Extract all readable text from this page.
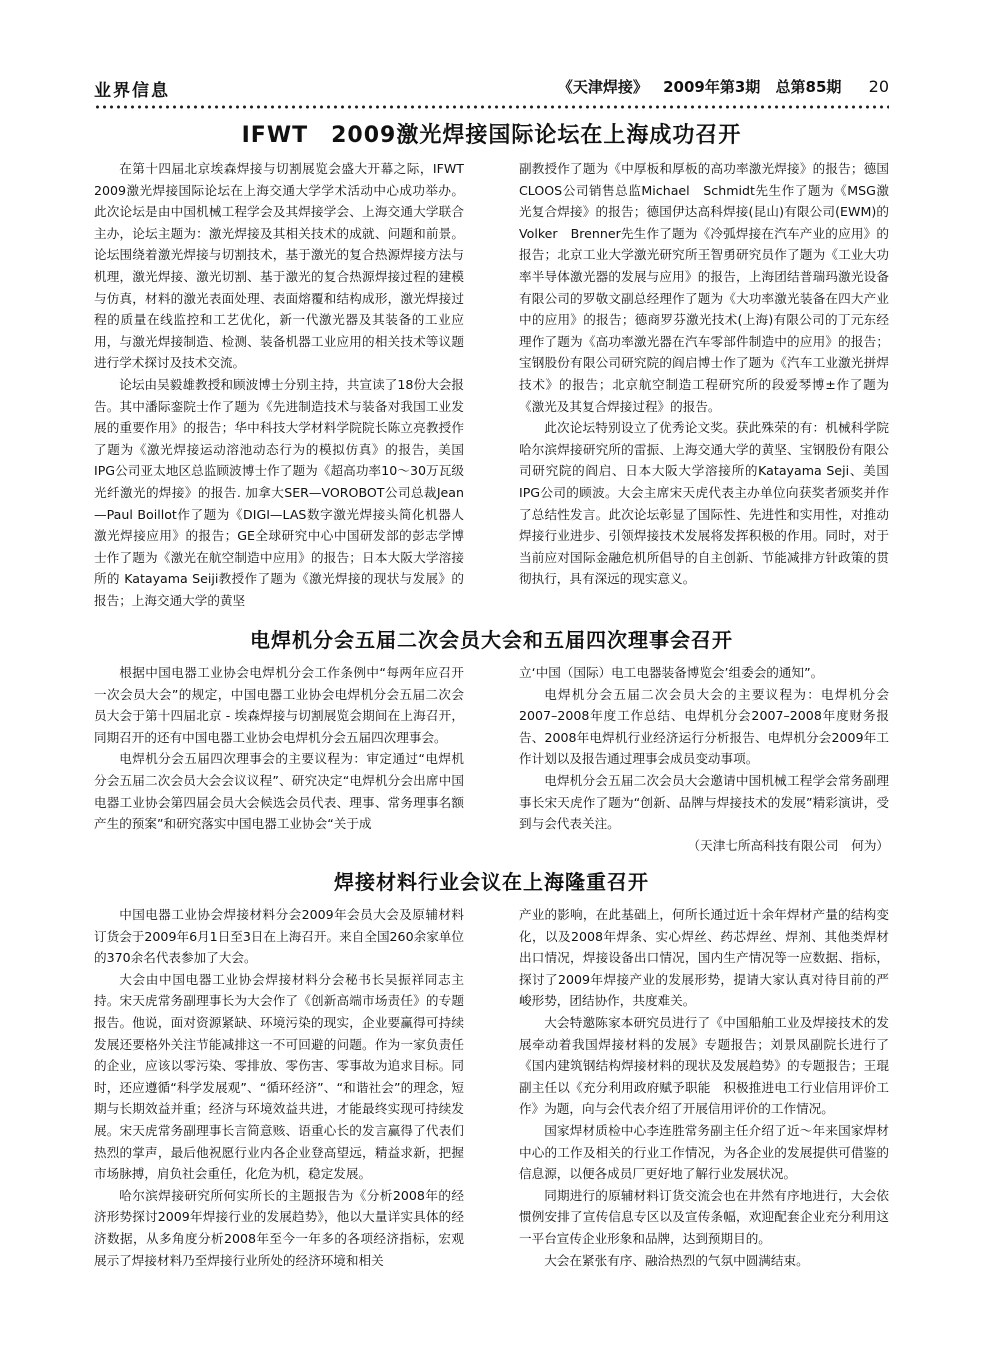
业界信息	《天津焊接》 2009年第3期 总第85期 20
IFWT　2009激光焊接国际论坛在上海成功召开

在第十四届北京埃森焊接与切割展览会盛大开幕之际，IFWT 2009激光焊接国际论坛在上海交通大学学术活动中心成功举办。此次论坛是由中国机械工程学会及其焊接学会、上海交通大学联合主办，论坛主题为：激光焊接及其相关技术的成就、问题和前景。论坛围绕着激光焊接与切割技术，基于激光的复合热源焊接方法与机理，激光焊接、激光切割、基于激光的复合热源焊接过程的建模与仿真，材料的激光表面处理、表面熔覆和结构成形，激光焊接过程的质量在线监控和工艺优化，新一代激光器及其装备的工业应用，与激光焊接制造、检测、装备机器工业应用的相关技术等议题进行学术探讨及技术交流。

论坛由吴毅雄教授和顾波博士分别主持，共宣读了18份大会报告。其中潘际銮院士作了题为《先进制造技术与装备对我国工业发展的重要作用》的报告；华中科技大学材料学院院长陈立亮教授作了题为《激光焊接运动溶池动态行为的模拟仿真》的报告，美国IPG公司亚太地区总监顾波博士作了题为《超高功率10～30万瓦级光纤激光的焊接》的报告. 加拿大SER—VOROBOT公司总裁Jean—Paul Boillot作了题为《DIGI—LAS数字激光焊接头简化机器人激光焊接应用》的报告；GE全球研究中心中国研发部的彭志学博士作了题为《激光在航空制造中应用》的报告；日本大阪大学溶接所的 Katayama Seiji教授作了题为《激光焊接的现状与发展》的报告；上海交通大学的黄坚

副教授作了题为《中厚板和厚板的高功率激光焊接》的报告；德国CLOOS公司销售总监Michael　Schmidt先生作了题为《MSG激光复合焊接》的报告；德国伊达高科焊接(昆山)有限公司(EWM)的Volker　Brenner先生作了题为《冷弧焊接在汽车产业的应用》的报告；北京工业大学激光研究所王智勇研究员作了题为《工业大功率半导体激光器的发展与应用》的报告，上海团结普瑞玛激光设备有限公司的罗敬文副总经理作了题为《大功率激光装备在四大产业中的应用》的报告；德商罗芬激光技术(上海)有限公司的丁元东经理作了题为《高功率激光器在汽车零部件制造中的应用》的报告；宝钢股份有限公司研究院的阎启博士作了题为《汽车工业激光拼焊技术》的报告；北京航空制造工程研究所的段爱琴博±作了题为《激光及其复合焊接过程》的报告。

此次论坛特别设立了优秀论文奖。获此殊荣的有：机械科学院哈尔滨焊接研究所的雷振、上海交通大学的黄坚、宝钢股份有限公司研究院的阎启、日本大阪大学溶接所的Katayama Seji、美国IPG公司的顾波。大会主席宋天虎代表主办单位向获奖者颁奖并作了总结性发言。此次论坛彰显了国际性、先进性和实用性，对推动焊接行业进步、引领焊接技术发展将发挥积极的作用。同时，对于当前应对国际金融危机所倡导的自主创新、节能减排方针政策的贯彻执行，具有深远的现实意义。

电焊机分会五届二次会员大会和五届四次理事会召开

根据中国电器工业协会电焊机分会工作条例中“每两年应召开一次会员大会”的规定，中国电器工业协会电焊机分会五届二次会员大会于第十四届北京 - 埃森焊接与切割展览会期间在上海召开，同期召开的还有中国电器工业协会电焊机分会五届四次理事会。

电焊机分会五届四次理事会的主要议程为：审定通过“电焊机分会五届二次会员大会会议议程”、研究决定“电焊机分会出席中国电器工业协会第四届会员大会候选会员代表、理事、常务理事名额产生的预案”和研究落实中国电器工业协会“关于成

立‘中国（国际）电工电器装备博览会’组委会的通知”。

电焊机分会五届二次会员大会的主要议程为：电焊机分会2007–2008年度工作总结、电焊机分会2007–2008年度财务报告、2008年电焊机行业经济运行分析报告、电焊机分会2009年工作计划以及报告通过理事会成员变动事项。

电焊机分会五届二次会员大会邀请中国机械工程学会常务副理事长宋天虎作了题为“创新、品牌与焊接技术的发展”精彩演讲，受到与会代表关注。

（天津七所高科技有限公司　何为）

焊接材料行业会议在上海隆重召开

中国电器工业协会焊接材料分会2009年会员大会及原辅材料订货会于2009年6月1日至3日在上海召开。来自全国260余家单位的370余名代表参加了大会。

大会由中国电器工业协会焊接材料分会秘书长吴振祥同志主持。宋天虎常务副理事长为大会作了《创新高端市场责任》的专题报告。他说，面对资源紧缺、环境污染的现实，企业要赢得可持续发展还要格外关注节能减排这一不可回避的问题。作为一家负责任的企业，应该以零污染、零排放、零伤害、零事故为追求目标。同时，还应遵循“科学发展观”、“循环经济”、“和谐社会”的理念，短期与长期效益并重；经济与环境效益共进，才能最终实现可持续发展。宋天虎常务副理事长言简意赅、语重心长的发言赢得了代表们热烈的掌声，最后他祝愿行业内各企业登高望远，精益求新，把握市场脉搏，肩负社会重任，化危为机，稳定发展。

哈尔滨焊接研究所何实所长的主题报告为《分析2008年的经济形势探讨2009年焊接行业的发展趋势》，他以大量详实具体的经济数据，从多角度分析2008年至今一年多的各项经济指标，宏观展示了焊接材料乃至焊接行业所处的经济环境和相关

产业的影响，在此基础上，何所长通过近十余年焊材产量的结构变化，以及2008年焊条、实心焊丝、药芯焊丝、焊剂、其他类焊材出口情况，焊接设备出口情况，国内生产情况等一应数据、指标，探讨了2009年焊接产业的发展形势，提请大家认真对待目前的严峻形势，团结协作，共度难关。

大会特邀陈家本研究员进行了《中国船舶工业及焊接技术的发展牵动着我国焊接材料的发展》专题报告；刘景凤副院长进行了《国内建筑钢结构焊接材料的现状及发展趋势》的专题报告；王琨副主任以《充分利用政府赋予职能　积极推进电工行业信用评价工作》为题，向与会代表介绍了开展信用评价的工作情况。

国家焊材质检中心李连胜常务副主任介绍了近～年来国家焊材中心的工作及相关的行业工作情况，为各企业的发展提供可借鉴的信息源，以便各成员厂更好地了解行业发展状况。

同期进行的原辅材料订货交流会也在井然有序地进行，大会依惯例安排了宣传信息专区以及宣传条幅，欢迎配套企业充分利用这一平台宣传企业形象和品牌，达到预期目的。

大会在紧张有序、融洽热烈的气氛中圆满结束。
